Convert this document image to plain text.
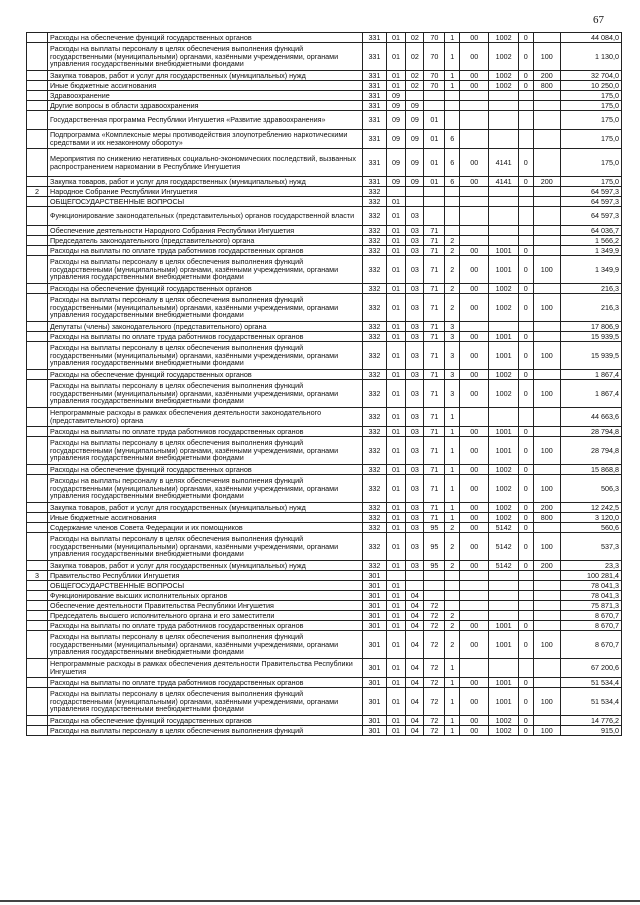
67
	Расходы на обеспечение функций государственных органов	331	01	02	70	1	00	1002	0		44 084,0
	Расходы на выплаты персоналу в целях обеспечения выполнения функций государственными (муниципальными) органами, казёнными учреждениями, органами управления государственными внебюджетными фондами	331	01	02	70	1	00	1002	0	100	1 130,0
	Закупка товаров, работ и услуг для государственных (муниципальных) нужд	331	01	02	70	1	00	1002	0	200	32 704,0
	Иные бюджетные ассигнования	331	01	02	70	1	00	1002	0	800	10 250,0
	Здравоохранение	331	09								175,0
	Другие вопросы в области здравоохранения	331	09	09							175,0
	Государственная программа Республики Ингушетия «Развитие здравоохранения»	331	09	09	01						175,0
	Подпрограмма «Комплексные меры противодействия злоупотреблению наркотическими средствами и их незаконному обороту»	331	09	09	01	6					175,0
	Мероприятия по снижению негативных социально-экономических последствий, вызванных распространением наркомании в Республике Ингушетия	331	09	09	01	6	00	4141	0		175,0
	Закупка товаров, работ и услуг для государственных (муниципальных) нужд	331	09	09	01	6	00	4141	0	200	175,0
2	Народное Собрание Республики Ингушетия	332									64 597,3
	ОБЩЕГОСУДАРСТВЕННЫЕ ВОПРОСЫ	332	01								64 597,3
	Функционирование законодательных (представительных) органов государственной власти	332	01	03							64 597,3
	Обеспечение деятельности Народного Собрания Республики Ингушетия	332	01	03	71						64 036,7
	Председатель законодательного (представительного) органа	332	01	03	71	2					1 566,2
	Расходы на выплаты по оплате труда работников государственных органов	332	01	03	71	2	00	1001	0		1 349,9
	Расходы на выплаты персоналу в целях обеспечения выполнения функций государственными (муниципальными) органами, казёнными учреждениями, органами управления государственными внебюджетными фондами	332	01	03	71	2	00	1001	0	100	1 349,9
	Расходы на обеспечение функций государственных органов	332	01	03	71	2	00	1002	0		216,3
	Расходы на выплаты персоналу в целях обеспечения выполнения функций государственными (муниципальными) органами, казёнными учреждениями, органами управления государственными внебюджетными фондами	332	01	03	71	2	00	1002	0	100	216,3
	Депутаты (члены) законодательного (представительного) органа	332	01	03	71	3					17 806,9
	Расходы на выплаты по оплате труда работников государственных органов	332	01	03	71	3	00	1001	0		15 939,5
	Расходы на выплаты персоналу в целях обеспечения выполнения функций государственными (муниципальными) органами, казёнными учреждениями, органами управления государственными внебюджетными фондами	332	01	03	71	3	00	1001	0	100	15 939,5
	Расходы на обеспечение функций государственных органов	332	01	03	71	3	00	1002	0		1 867,4
	Расходы на выплаты персоналу в целях обеспечения выполнения функций государственными (муниципальными) органами, казёнными учреждениями, органами управления государственными внебюджетными фондами	332	01	03	71	3	00	1002	0	100	1 867,4
	Непрограммные расходы в рамках обеспечения деятельности законодательного (представительного) органа	332	01	03	71	1					44 663,6
	Расходы на выплаты по оплате труда работников государственных органов	332	01	03	71	1	00	1001	0		28 794,8
	Расходы на выплаты персоналу в целях обеспечения выполнения функций государственными (муниципальными) органами, казёнными учреждениями, органами управления государственными внебюджетными фондами	332	01	03	71	1	00	1001	0	100	28 794,8
	Расходы на обеспечение функций государственных органов	332	01	03	71	1	00	1002	0		15 868,8
	Расходы на выплаты персоналу в целях обеспечения выполнения функций государственными (муниципальными) органами, казёнными учреждениями, органами управления государственными внебюджетными фондами	332	01	03	71	1	00	1002	0	100	506,3
	Закупка товаров, работ и услуг для государственных (муниципальных) нужд	332	01	03	71	1	00	1002	0	200	12 242,5
	Иные бюджетные ассигнования	332	01	03	71	1	00	1002	0	800	3 120,0
	Содержание членов Совета Федерации и их помощников	332	01	03	95	2	00	5142	0		560,6
	Расходы на выплаты персоналу в целях обеспечения выполнения функций государственными (муниципальными) органами, казёнными учреждениями, органами управления государственными внебюджетными фондами	332	01	03	95	2	00	5142	0	100	537,3
	Закупка товаров, работ и услуг для государственных (муниципальных) нужд	332	01	03	95	2	00	5142	0	200	23,3
3	Правительство Республики Ингушетия	301									100 281,4
	ОБЩЕГОСУДАРСТВЕННЫЕ ВОПРОСЫ	301	01								78 041,3
	Функционирование высших исполнительных органов	301	01	04							78 041,3
	Обеспечение деятельности Правительства Республики Ингушетия	301	01	04	72						75 871,3
	Председатель высшего исполнительного органа и его заместители	301	01	04	72	2					8 670,7
	Расходы на выплаты по оплате труда работников государственных органов	301	01	04	72	2	00	1001	0		8 670,7
	Расходы на выплаты персоналу в целях обеспечения выполнения функций государственными (муниципальными) органами, казёнными учреждениями, органами управления государственными внебюджетными фондами	301	01	04	72	2	00	1001	0	100	8 670,7
	Непрограммные расходы в рамках обеспечения деятельности Правительства Республики Ингушетия	301	01	04	72	1					67 200,6
	Расходы на выплаты по оплате труда работников государственных органов	301	01	04	72	1	00	1001	0		51 534,4
	Расходы на выплаты персоналу в целях обеспечения выполнения функций государственными (муниципальными) органами, казёнными учреждениями, органами управления государственными внебюджетными фондами	301	01	04	72	1	00	1001	0	100	51 534,4
	Расходы на обеспечение функций государственных органов	301	01	04	72	1	00	1002	0		14 776,2
	Расходы на выплаты персоналу в целях обеспечения выполнения функций	301	01	04	72	1	00	1002	0	100	915,0
